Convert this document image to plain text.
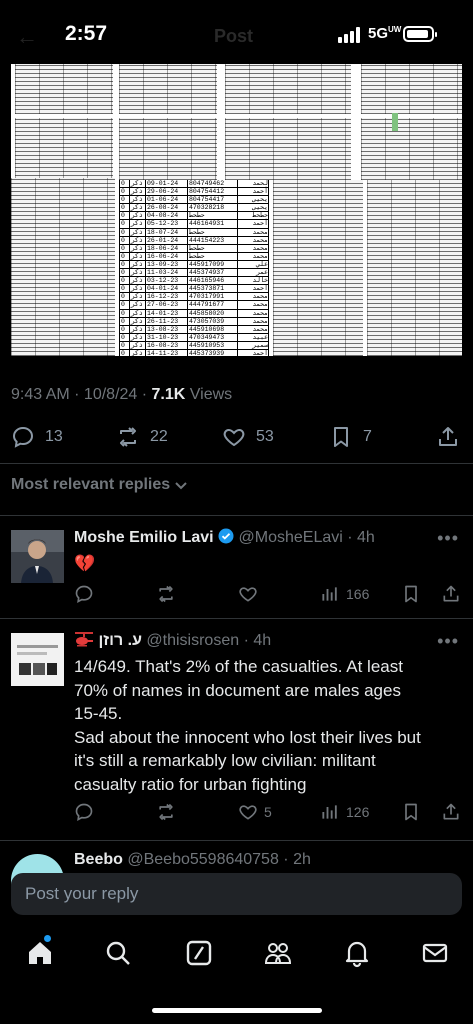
←	Post
2:57	$5G^{UW}$
0 ذكر 09-01-24	804749462	لحمد
0 ذكر 29-06-24	804754412	أحمد
0 ذكر 01-06-24	804754417	يحيى
0 ذكر 26-08-24	470328218	يحيى
0 ذكر 04-08-24	حطحط	حطحط
0 ذكر 05-12-23	446164931	أحمد
0 ذكر 18-07-24	حطحط	محمد
0 ذكر 26-01-24	444154223	محمد
0 ذكر 18-06-24	حطحط	محمد
0 ذكر 16-06-24	حطحط	محمد
0 ذكر 13-09-23	445917099	علي
0 ذكر 11-03-24	445374937	عمر
0 ذكر 03-12-23	446165946	خالد
0 ذكر 04-01-24	445373871	احمد
0 ذكر 16-12-23	470317991	محمد
0 ذكر 27-06-23	444791677	محمد
0 ذكر 14-01-23	445858020	محمد
0 ذكر 26-11-23	473057039	محمد
0 ذكر 13-08-23	445910698	محمد
0 ذكر 31-10-23	470349473	عبيد
0 ذكر 16-08-23	445910953	سمير
0 ذكر 14-11-23	445373939	احمد
0 ذكر 08-05-24	434630081	حسن
0 ذكر 16-06-23	444625248	يوسف
9:43 AM · 10/8/24 · 7.1K Views
13	22	53	7
Most relevant replies
Moshe Emilio Lavi @MosheELavi · 4h	•••
💔
166
ע. רוזן @thisisrosen · 4h	•••
14/649. That's 2% of the casualties. At least
70% of names in document are males ages
15-45.
Sad about the innocent who lost their lives but
it's still a remarkably low civilian: militant
casualty ratio for urban fighting
5	126
Beebo @Beebo5598640758 · 2h
Post your reply
